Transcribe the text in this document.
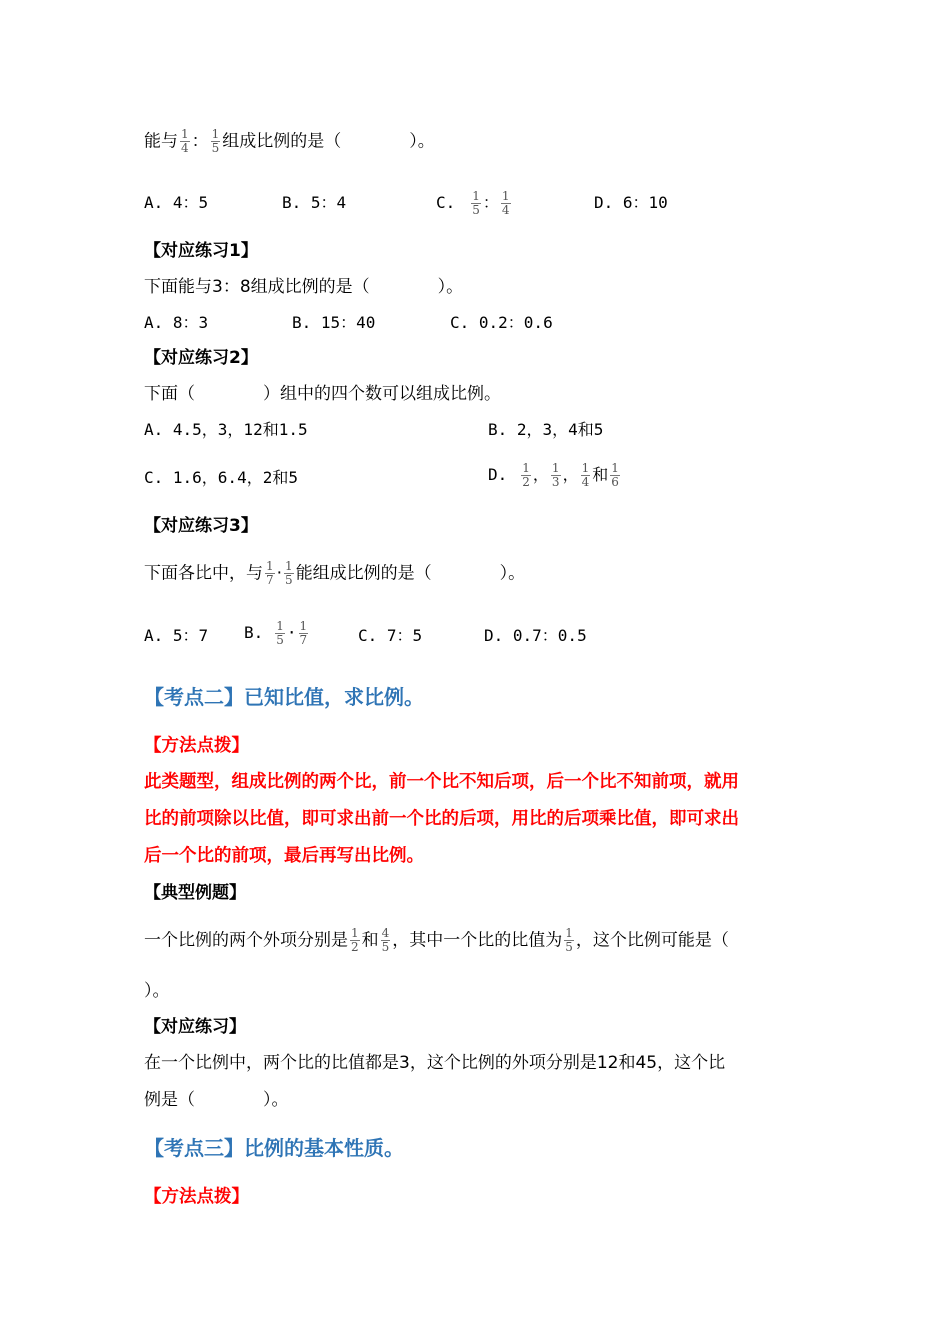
能与 $\frac{1}{4}$ ： $\frac{1}{5}$ 组成比例的是（　　　　）。
A. 4：5	B. 5：4	C. $\frac{1}{5}$ ： $\frac{1}{4}$	D. 6：10
【对应练习1】
下面能与3：8组成比例的是（　　　　）。
A. 8：3	B. 15：40	C. 0.2：0.6
【对应练习2】
下面（　　　　）组中的四个数可以组成比例。
A. 4.5，3，12和1.5	B. 2，3，4和5
C. 1.6，6.4，2和5	D. $\frac{1}{2}$ ， $\frac{1}{3}$ ， $\frac{1}{4}$ 和 $\frac{1}{6}$
【对应练习3】
下面各比中，与 $\frac{1}{7} \cdot \frac{1}{5}$ 能组成比例的是（　　　　）。
A. 5：7 B. $\frac{1}{5} \cdot \frac{1}{7}$	C. 7：5	D. 0.7：0.5
【考点二】已知比值，求比例。
【方法点拨】
此类题型，组成比例的两个比，前一个比不知后项，后一个比不知前项，就用
比的前项除以比值，即可求出前一个比的后项，用比的后项乘比值，即可求出
后一个比的前项，最后再写出比例。
【典型例题】
一个比例的两个外项分别是 $\frac{1}{2}$ 和 $\frac{4}{5}$ ，其中一个比的比值为 $\frac{1}{5}$ ，这个比例可能是（
）。
【对应练习】
在一个比例中，两个比的比值都是3，这个比例的外项分别是12和45，这个比
例是（　　　　）。
【考点三】比例的基本性质。
【方法点拨】
